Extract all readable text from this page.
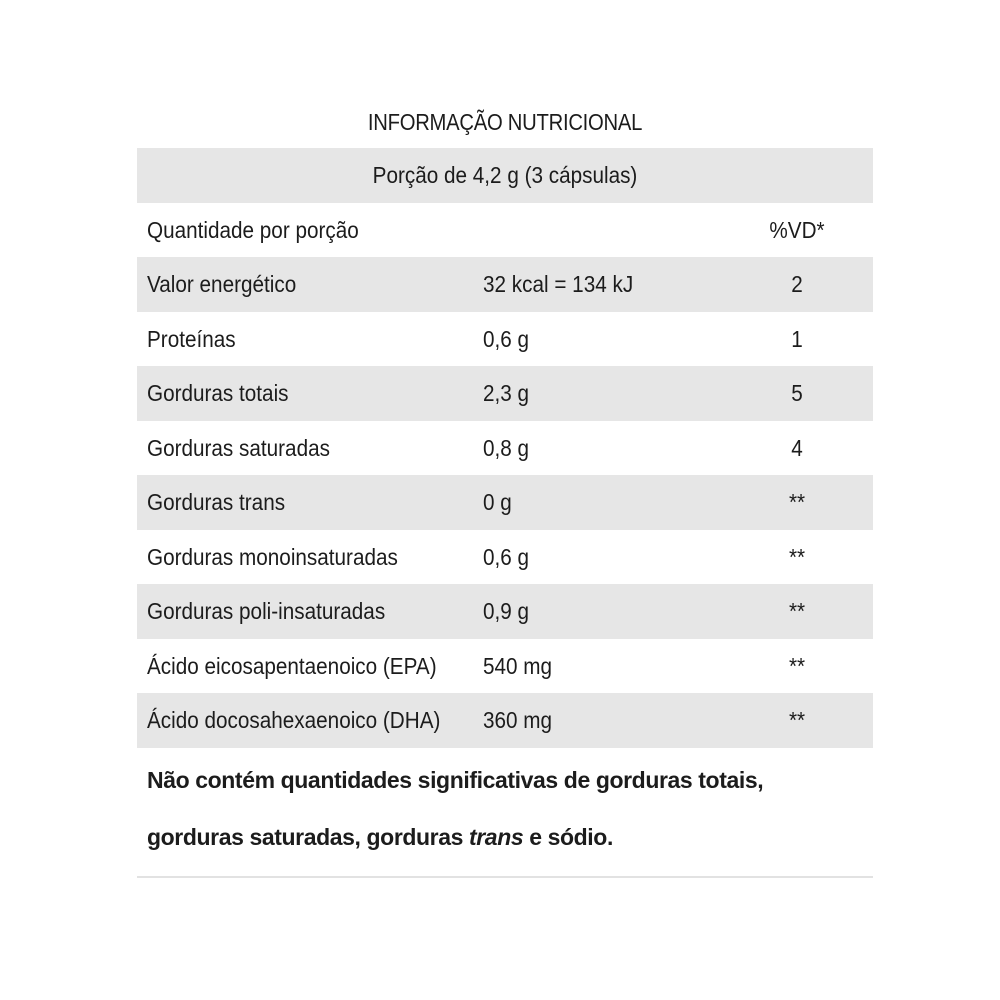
INFORMAÇÃO NUTRICIONAL
Porção de 4,2 g (3 cápsulas)
Quantidade por porção	%VD*
Valor energético	32 kcal = 134 kJ	2
Proteínas	0,6 g	1
Gorduras totais	2,3 g	5
Gorduras saturadas	0,8 g	4
Gorduras trans	0 g	**
Gorduras monoinsaturadas	0,6 g	**
Gorduras poli-insaturadas	0,9 g	**
Ácido eicosapentaenoico (EPA) 540 mg	**
Ácido docosahexaenoico (DHA) 360 mg	**
Não contém quantidades significativas de gorduras totais, gorduras saturadas, gorduras trans e sódio.
